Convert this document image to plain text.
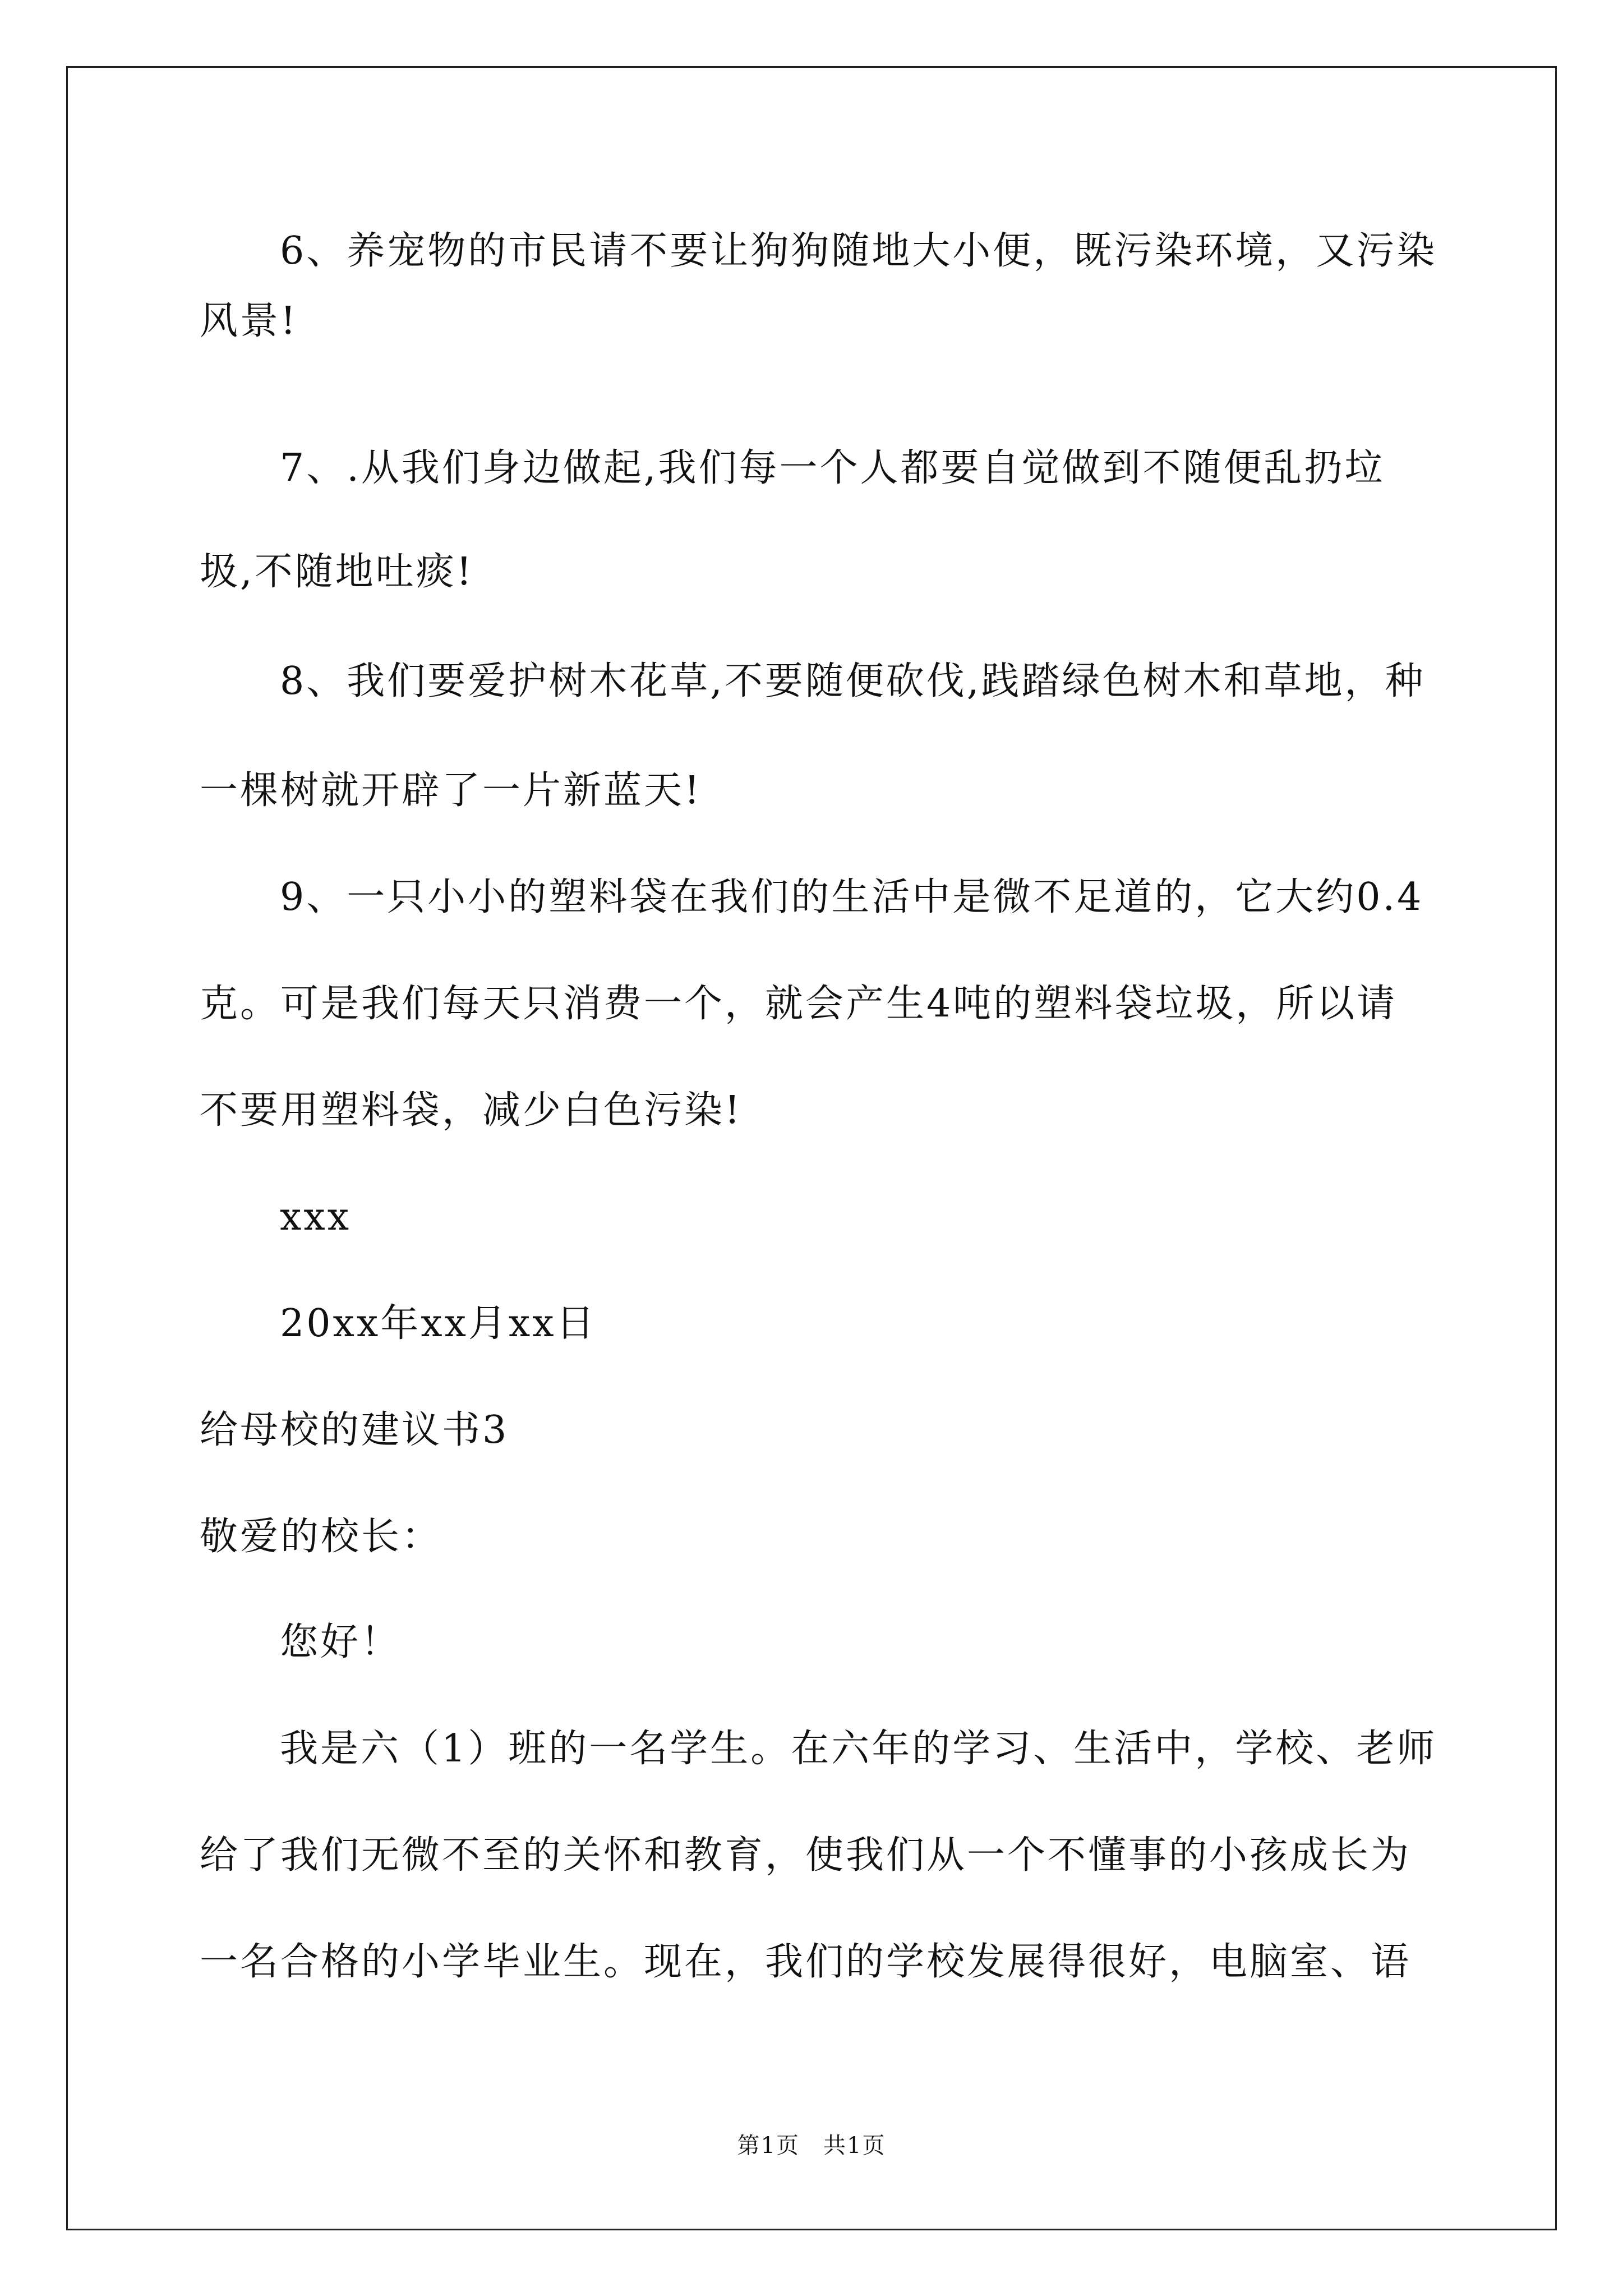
6、养宠物的市民请不要让狗狗随地大小便，既污染环境，又污染
风景!
7、.从我们身边做起,我们每一个人都要自觉做到不随便乱扔垃
圾,不随地吐痰!
8、我们要爱护树木花草,不要随便砍伐,践踏绿色树木和草地，种
一棵树就开辟了一片新蓝天!
9、一只小小的塑料袋在我们的生活中是微不足道的，它大约0.4
克。可是我们每天只消费一个，就会产生4吨的塑料袋垃圾，所以请
不要用塑料袋，减少白色污染!
xxx
20xx年xx月xx日
给母校的建议书3
敬爱的校长：
您好！
我是六（1）班的一名学生。在六年的学习、生活中，学校、老师
给了我们无微不至的关怀和教育，使我们从一个不懂事的小孩成长为
一名合格的小学毕业生。现在，我们的学校发展得很好，电脑室、语
第1页　共1页
